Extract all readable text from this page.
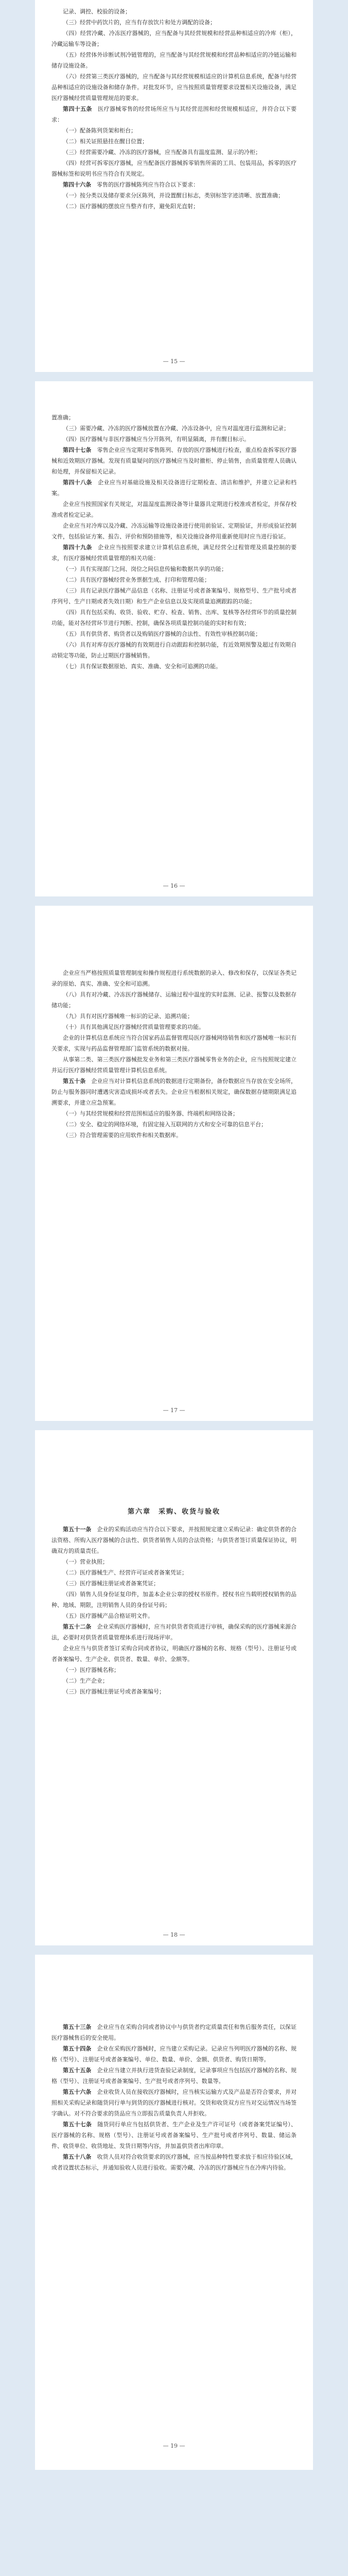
记录、调控、校验的设备；

（三）经营中药饮片的，应当有存放饮片和处方调配的设备；

（四）经营冷藏、冷冻医疗器械的，应当配备与其经营规模和经营品种相适应的冷库（柜），冷藏运输车等设备；

（五）经营体外诊断试剂冷链管理的，应当配备与其经营规模和经营品种相适应的冷链运输和储存设施设备。

（六）经营第三类医疗器械的，应当配备与其经营规模相适应的计算机信息系统，配备与经营品种相适应的设施设备和储存条件。对批发环节，应当按照质量管理要求设置相关设施设备，满足医疗器械经营质量管理规范的要求。

第四十五条　 医疗器械零售的经营场所应当与其经营范围和经营规模相适应，并符合以下要求：

（一）配备陈列货架和柜台；

（二）相关证照悬挂在醒目位置；

（三）经营需要冷藏、冷冻的医疗器械，应当配备具有温度监测、显示的冷柜；

（四）经营可拆零医疗器械，应当配备医疗器械拆零销售所需的工具、包装用品，拆零的医疗器械标签和说明书应当符合有关规定。

第四十六条　 零售的医疗器械陈列应当符合以下要求：

（一）按分类以及储存要求分区陈列，并设置醒目标志，类别标签字迹清晰、放置准确；

（二）医疗器械的摆放应当整齐有序，避免阳光直射；

— 15 —

置准确；

（三）需要冷藏、冷冻的医疗器械放置在冷藏、冷冻设备中，应当对温度进行监测和记录；

（四）医疗器械与非医疗器械应当分开陈列，有明显隔离，并有醒目标示。

第四十七条　 零售企业应当定期对零售陈列、存放的医疗器械进行检查，重点检查拆零医疗器械和近效期医疗器械。发现有质量疑问的医疗器械应当及时撤柜、停止销售，由质量管理人员确认和处理，并保留相关记录。

第四十八条　 企业应当对基础设施及相关设备进行定期检查、清洁和维护，并建立记录和档案。

企业应当按照国家有关规定，对温湿度监测设备等计量器具定期进行校准或者检定，并保存校准或者检定记录。

企业应当对冷库以及冷藏、冷冻运输等设施设备进行使用前验证、定期验证，并形成验证控制文件，包括验证方案、报告、评价和预防措施等，相关设施设备停用重新使用时应当进行验证。

第四十九条　 企业应当按照要求建立计算机信息系统，满足经营全过程管理及质量控制的要求，有医疗器械经营质量管理的相关功能：

（一）具有实现部门之间、岗位之间信息传输和数据共享的功能；

（二）具有医疗器械经营业务票据生成、打印和管理功能；

（三）具有记录医疗器械产品信息（名称、注册证号或者备案编号、规格型号、生产批号或者序列号、生产日期或者失效日期）和生产企业信息以及实现质量追溯跟踪的功能；

（四）具有包括采购、收货、验收、贮存、检查、销售、出库、复核等各经营环节的质量控制功能，能对各经营环节进行判断、控制，确保各项质量控制功能的实时和有效；

（五）具有供货者、购货者以及购销医疗器械的合法性、有效性审核控制功能；

（六）具有对库存医疗器械的有效期进行自动跟踪和控制功能，有近效期预警及超过有效期自动锁定等功能，防止过期医疗器械销售。

（七）具有保证数据原始、真实、准确、安全和可追溯的功能。

— 16 —

企业应当严格按照质量管理制度和操作规程进行系统数据的录入、修改和保存，以保证各类记录的原始、真实、准确、安全和可追溯。

（八）具有对冷藏、冷冻医疗器械储存、运输过程中温度的实时监测、记录、报警以及数据存储功能；

（九）具有对医疗器械唯一标识的记录、追溯功能；

（十）具有其他满足医疗器械经营质量管理要求的功能。

企业的计算机信息系统应当符合国家药品监督管理局医疗器械网络销售和医疗器械唯一标识有关要求，实现与药品监督管理部门监管系统的数据对接。

从事第二类、第三类医疗器械批发业务和第三类医疗器械零售业务的企业，应当按照规定建立并运行医疗器械经营质量管理计算机信息系统。

第五十条　 企业应当对计算机信息系统的数据进行定期备份，备份数据应当存放在安全场所，防止与服务器同时遭遇灾害造成损坏或者丢失。企业应当根据相关规定，确保数据存储期限满足追溯要求，并建立应急预案。

（一）与其经营规模和经营范围相适应的服务器、终端机和网络设备；

（二）安全、稳定的网络环境，有固定接入互联网的方式和安全可靠的信息平台；

（三）符合管理需要的应用软件和相关数据库。

— 17 —
第六章　采购、收货与验收

第五十一条　 企业的采购活动应当符合以下要求，并按照规定建立采购记录：确定供货者的合法资格、所购入医疗器械的合法性、供货者销售人员的合法资格；与供货者签订质量保证协议，明确双方的质量责任。

（一）营业执照；

（二）医疗器械生产、经营许可证或者备案凭证；

（三）医疗器械注册证或者备案凭证；

（四）销售人员身份证复印件，加盖本企业公章的授权书原件。授权书应当载明授权销售的品种、地域、期限，注明销售人员的身份证号码；

（五）医疗器械产品合格证明文件。

第五十二条　 企业采购医疗器械时，应当对供货者资质进行审核，确保采购的医疗器械来源合法，必要时对供货者质量管理体系进行现场评审。

企业应当与供货者签订采购合同或者协议，明确医疗器械的名称、规格（型号）、注册证号或者备案编号、生产企业、供货者、数量、单价、金额等。

（一）医疗器械名称；

（二）生产企业；

（三）医疗器械注册证号或者备案编号；

— 18 —

第五十三条　 企业应当在采购合同或者协议中与供货者约定质量责任和售后服务责任，以保证医疗器械售后的安全使用。

第五十四条　 企业在采购医疗器械时，应当建立采购记录。记录应当列明医疗器械的名称、规格（型号）、注册证号或者备案编号、单位、数量、单价、金额、供货者、购货日期等。

第五十五条　 企业应当建立并执行进货查验记录制度，记录事项应当包括医疗器械的名称、规格（型号）、注册证号或者备案编号、生产批号或者序列号、数量等。

第五十六条　 企业收货人员在接收医疗器械时，应当核实运输方式及产品是否符合要求，并对照相关采购记录和随货同行单与到货的医疗器械进行核对。交货和收货双方应当对交运情况当场签字确认。对不符合要求的货品应当立即报告质量负责人并拒收。

第五十七条　 随货同行单应当包括供货者、生产企业及生产许可证号（或者备案凭证编号）、医疗器械的名称、规格（型号）、注册证号或者备案编号、生产批号或者序列号、数量、储运条件、收货单位、收货地址、发货日期等内容，并加盖供货者出库印章。

第五十八条　 收货人员对符合收货要求的医疗器械，应当按品种特性要求放于相应待验区域，或者设置状态标示，并通知验收人员进行验收。需要冷藏、冷冻的医疗器械应当在冷库内待验。

— 19 —
